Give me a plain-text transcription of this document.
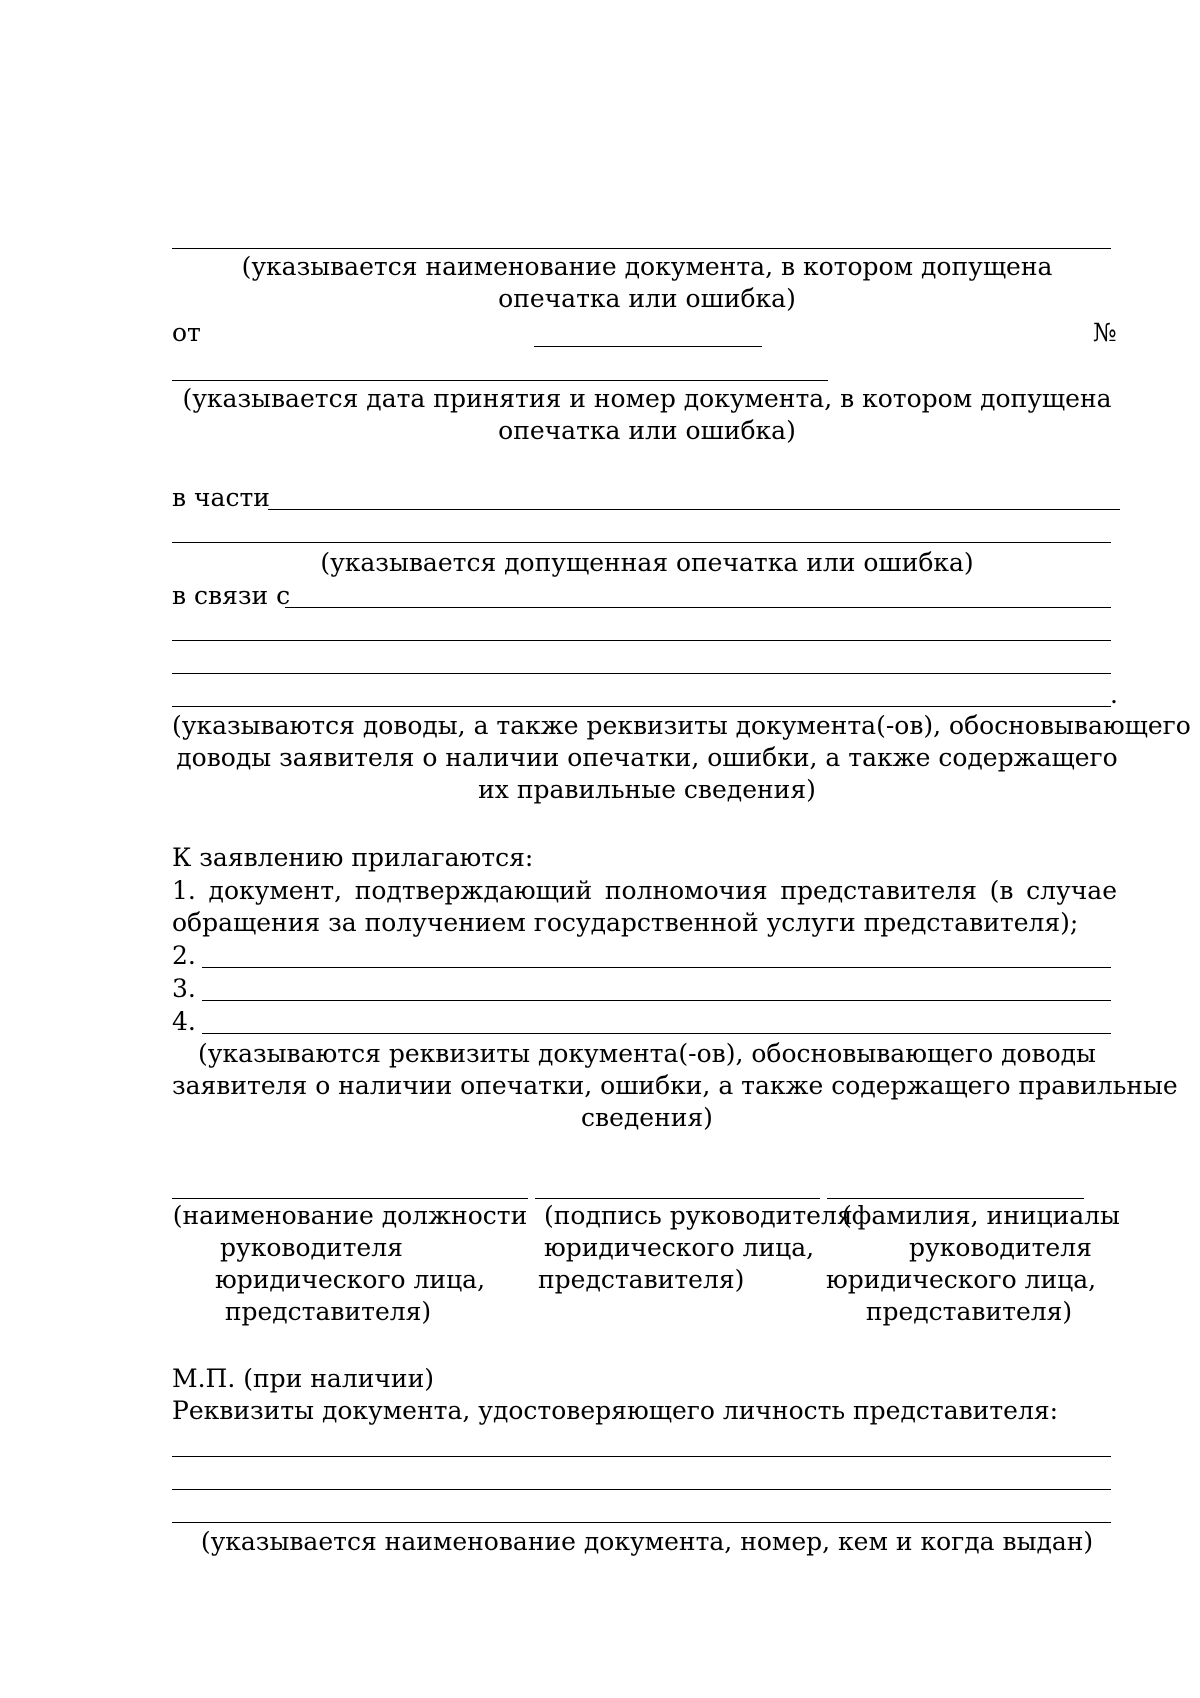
(указывается наименование документа, в котором допущена
опечатка или ошибка)
от	№
(указывается дата принятия и номер документа, в котором допущена
опечатка или ошибка)
в части
(указывается допущенная опечатка или ошибка)
в связи с
.
(указываются доводы, а также реквизиты документа(-ов), обосновывающего
доводы заявителя о наличии опечатки, ошибки, а также содержащего
их правильные сведения)
К заявлению прилагаются:
1. документ, подтверждающий полномочия представителя (в случае
обращения за получением государственной услуги представителя);
2.
3.
4.
(указываются реквизиты документа(-ов), обосновывающего доводы
заявителя о наличии опечатки, ошибки, а также содержащего правильные
сведения)
(наименование должности
руководителя
юридического лица,
представителя)
(подпись руководителя
юридического лица,
представителя)
(фамилия, инициалы
руководителя
юридического лица,
представителя)
М.П. (при наличии)
Реквизиты документа, удостоверяющего личность представителя:
(указывается наименование документа, номер, кем и когда выдан)
